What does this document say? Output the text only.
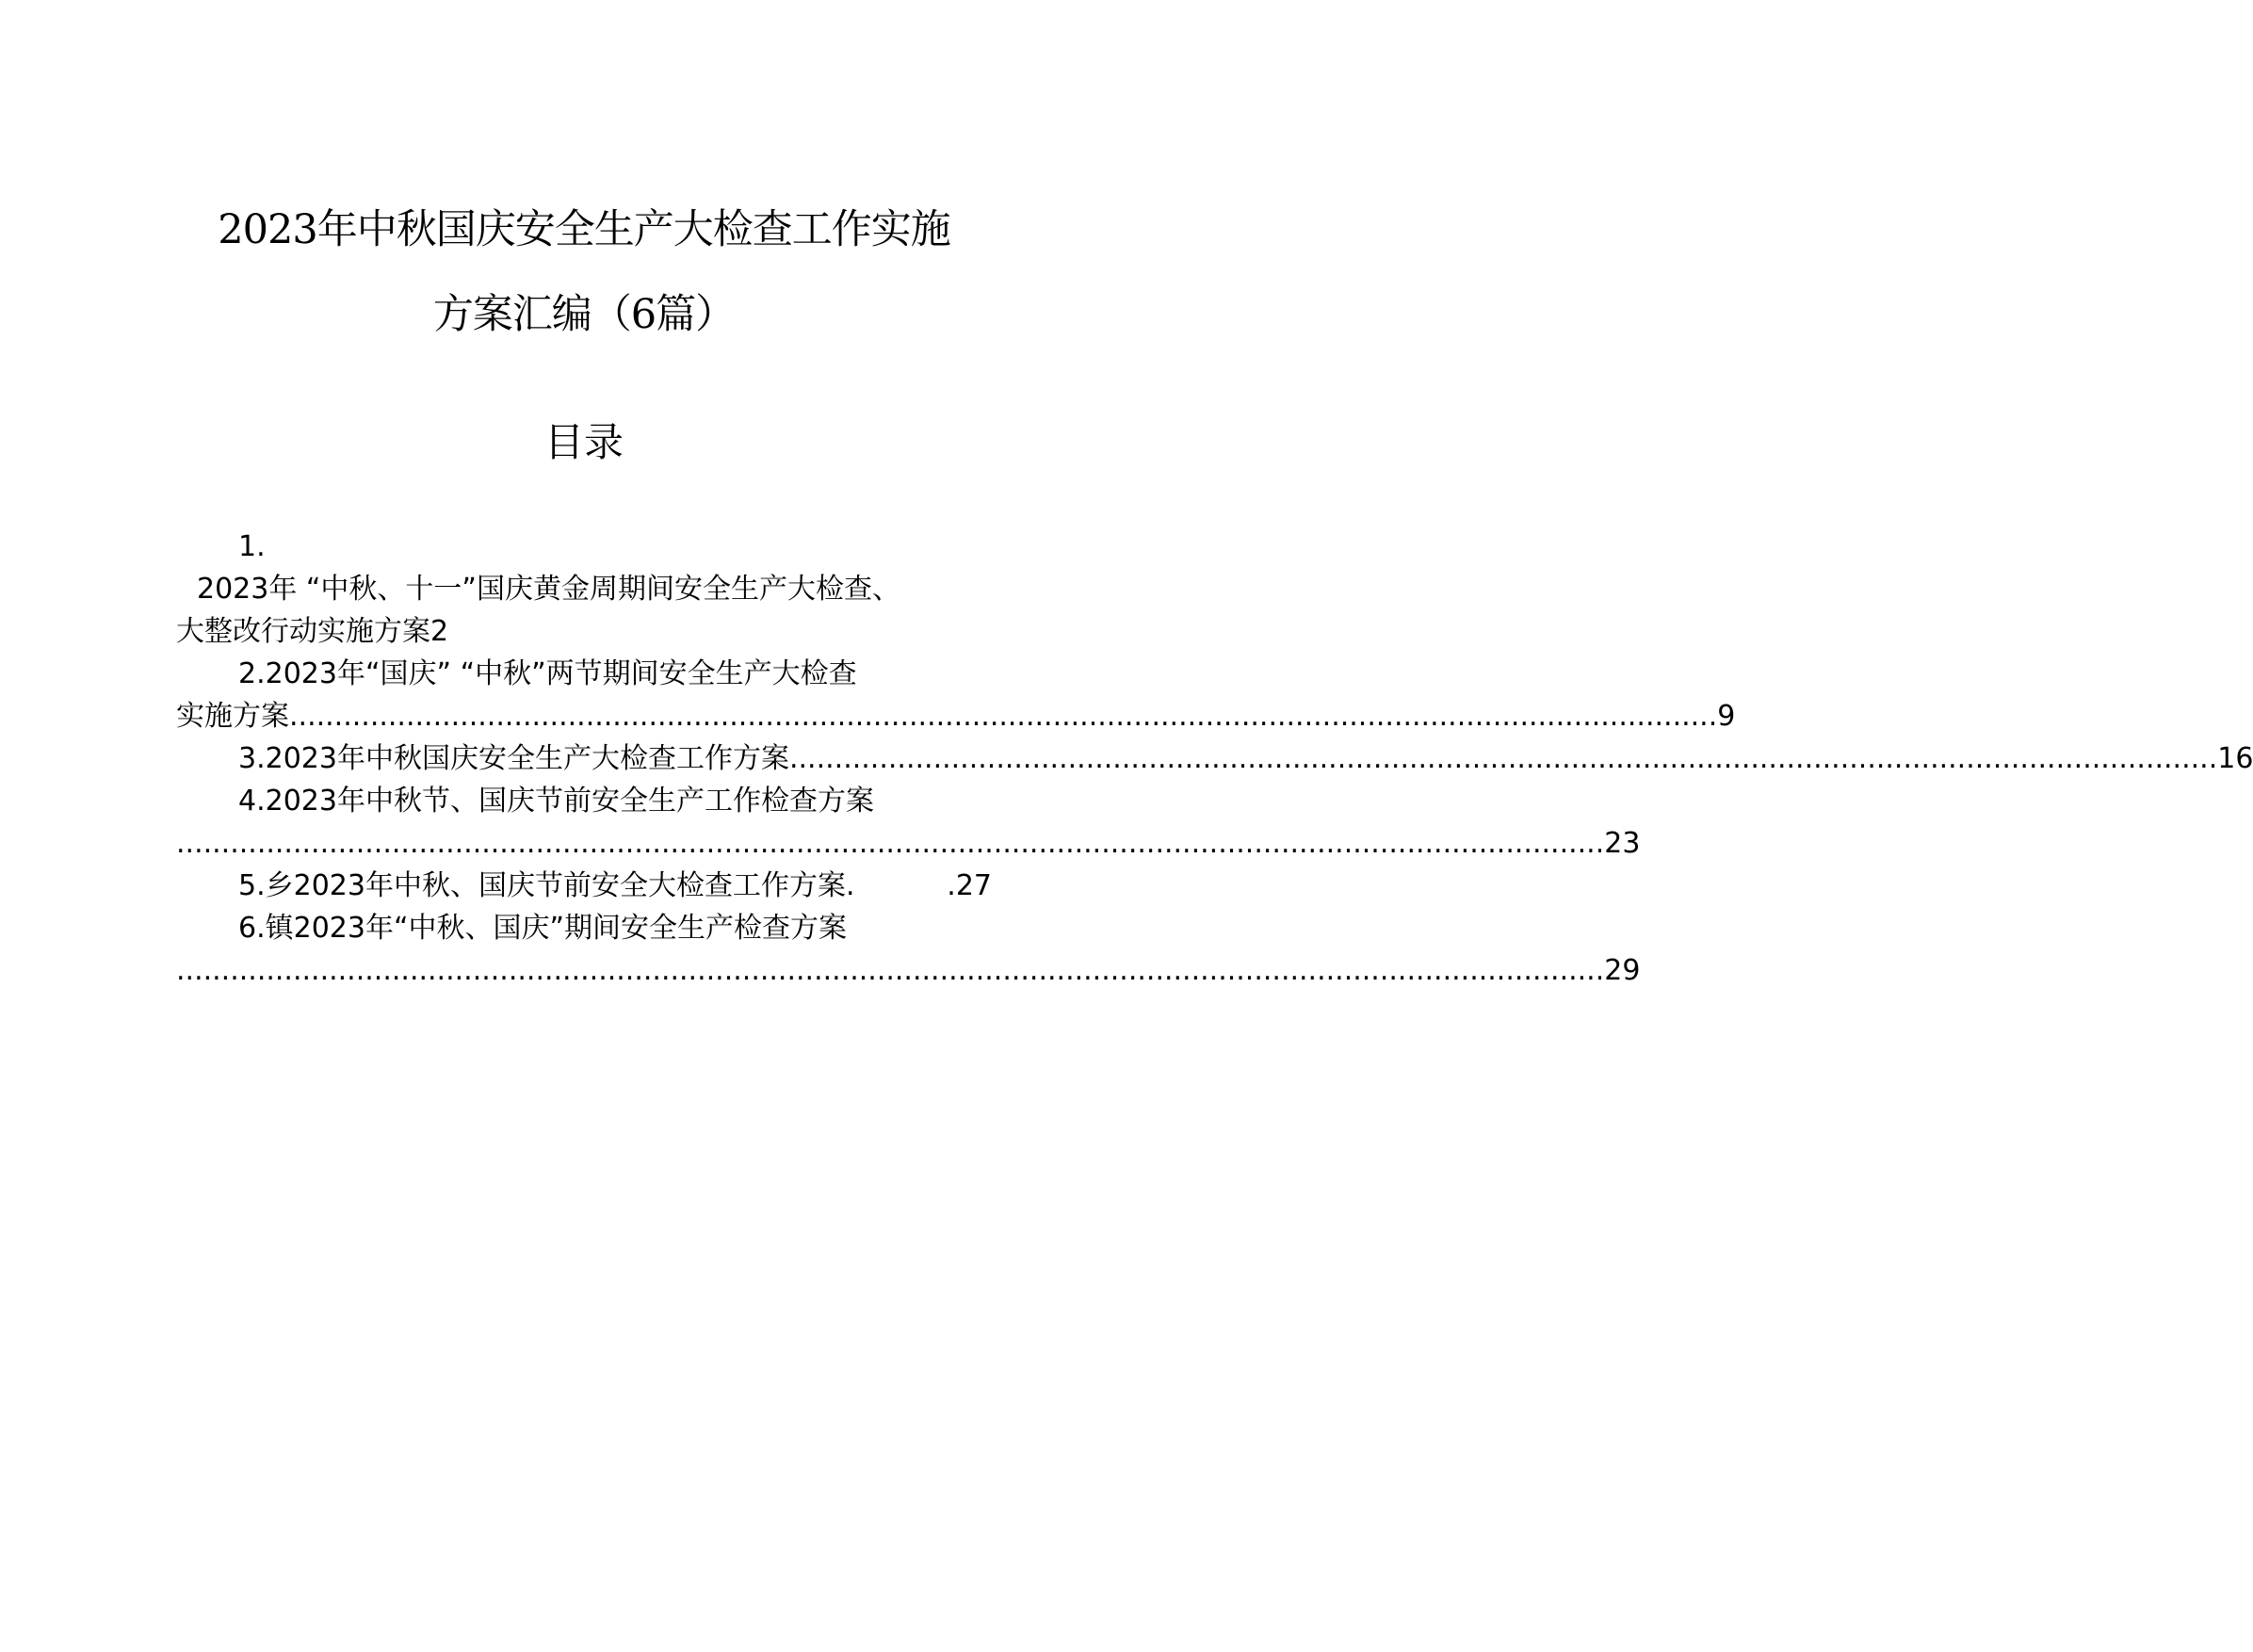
2023年中秋国庆安全生产大检查工作实施
方案汇编（6篇）
目录
1.
2023年 “中秋、十一”国庆黄金周期间安全生产大检查、
大整改行动实施方案2
2.2023年“国庆” “中秋”两节期间安全生产大检查
实施方案 ............................................................................................................................................................... 9
3.2023年中秋国庆安全生产大检查工作方案 ............................................................................................................................................................... 16
4.2023年中秋节、国庆节前安全生产工作检查方案
............................................................................................................................................................... 23
5.乡2023年中秋、国庆节前安全大检查工作方案.	.27
6.镇2023年“中秋、国庆”期间安全生产检查方案
............................................................................................................................................................... 29
